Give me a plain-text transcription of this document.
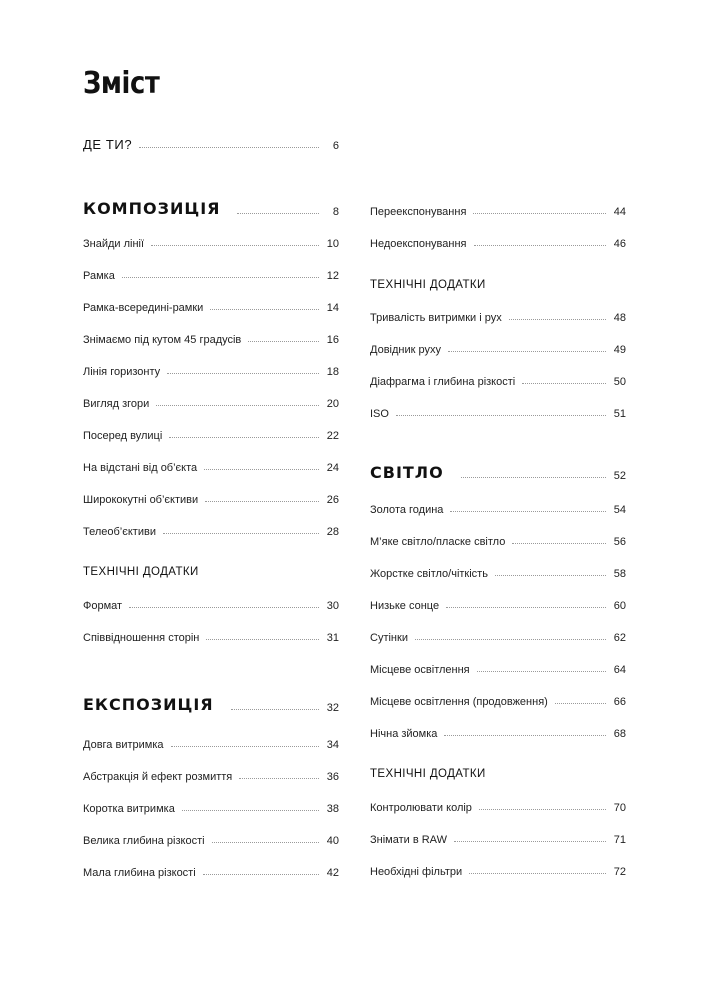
Зміст
ДЕ ТИ?	6
КОМПОЗИЦІЯ	8
Знайди лінії	10
Рамка	12
Рамка-всередині-рамки	14
Знімаємо під кутом 45 градусів	16
Лінія горизонту	18
Вигляд згори	20
Посеред вулиці	22
На відстані від об’єкта	24
Ширококутні об’єктиви	26
Телеоб’єктиви	28
ТЕХНІЧНІ ДОДАТКИ
Формат	30
Співвідношення сторін	31
ЕКСПОЗИЦІЯ	32
Довга витримка	34
Абстракція й ефект розмиття	36
Коротка витримка	38
Велика глибина різкості	40
Мала глибина різкості	42
Переекспонування	44
Недоекспонування	46
ТЕХНІЧНІ ДОДАТКИ
Тривалість витримки і рух	48
Довідник руху	49
Діафрагма і глибина різкості	50
ISO	51
СВІТЛО	52
Золота година	54
М’яке світло/пласке світло	56
Жорстке світло/чіткість	58
Низьке сонце	60
Сутінки	62
Місцеве освітлення	64
Місцеве освітлення (продовження)	66
Нічна зйомка	68
ТЕХНІЧНІ ДОДАТКИ
Контролювати колір	70
Знімати в RAW	71
Необхідні фільтри	72
